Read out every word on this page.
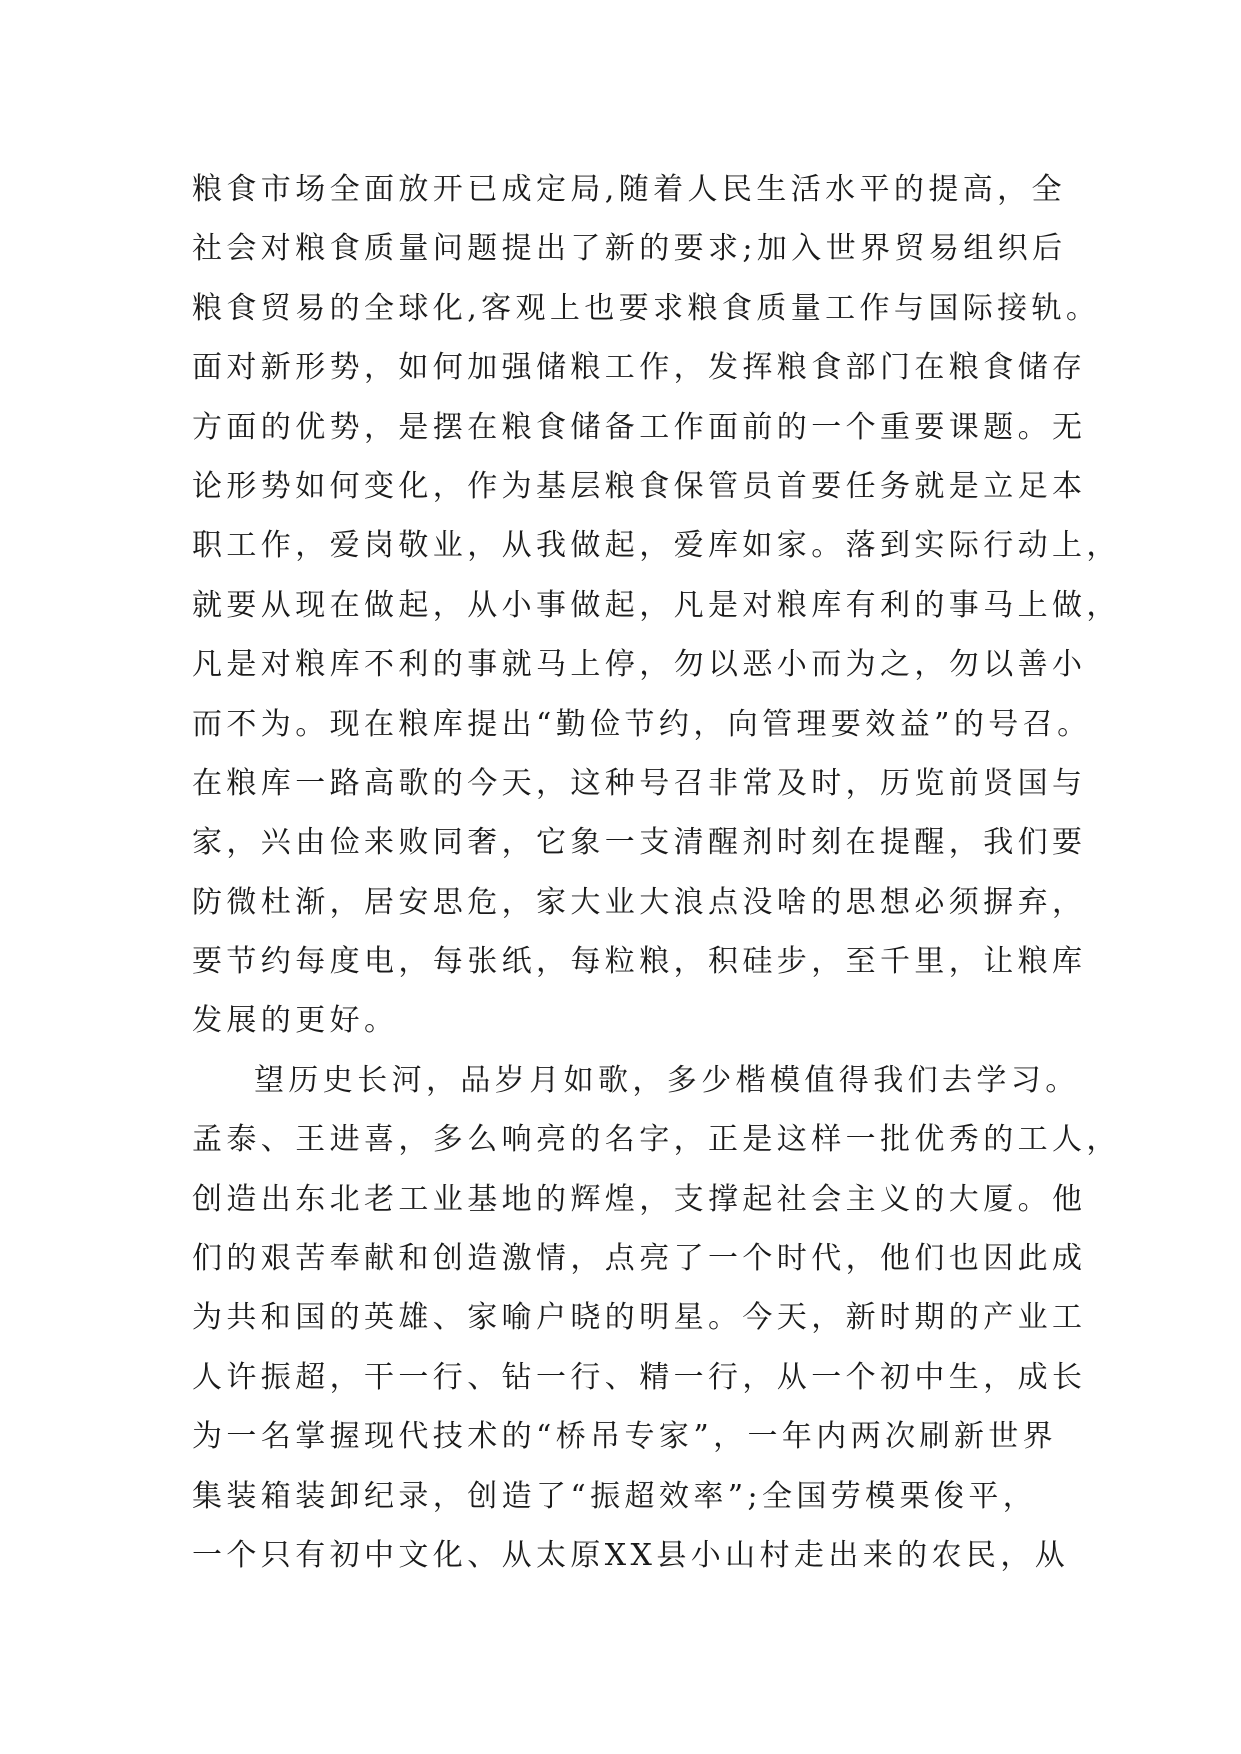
粮食市场全面放开已成定局,随着人民生活水平的提高，全
社会对粮食质量问题提出了新的要求;加入世界贸易组织后
粮食贸易的全球化,客观上也要求粮食质量工作与国际接轨。
面对新形势，如何加强储粮工作，发挥粮食部门在粮食储存
方面的优势，是摆在粮食储备工作面前的一个重要课题。无
论形势如何变化，作为基层粮食保管员首要任务就是立足本
职工作，爱岗敬业，从我做起，爱库如家。落到实际行动上，
就要从现在做起，从小事做起，凡是对粮库有利的事马上做，
凡是对粮库不利的事就马上停，勿以恶小而为之，勿以善小
而不为。现在粮库提出“勤俭节约，向管理要效益”的号召。
在粮库一路高歌的今天，这种号召非常及时，历览前贤国与
家，兴由俭来败同奢，它象一支清醒剂时刻在提醒，我们要
防微杜渐，居安思危，家大业大浪点没啥的思想必须摒弃，
要节约每度电，每张纸，每粒粮，积硅步，至千里，让粮库
发展的更好。
望历史长河，品岁月如歌，多少楷模值得我们去学习。
孟泰、王进喜，多么响亮的名字，正是这样一批优秀的工人，
创造出东北老工业基地的辉煌，支撑起社会主义的大厦。他
们的艰苦奉献和创造激情，点亮了一个时代，他们也因此成
为共和国的英雄、家喻户晓的明星。今天，新时期的产业工
人许振超，干一行、钻一行、精一行，从一个初中生，成长
为一名掌握现代技术的“桥吊专家”，一年内两次刷新世界
集装箱装卸纪录，创造了“振超效率”;全国劳模栗俊平，
一个只有初中文化、从太原XX县小山村走出来的农民，从
